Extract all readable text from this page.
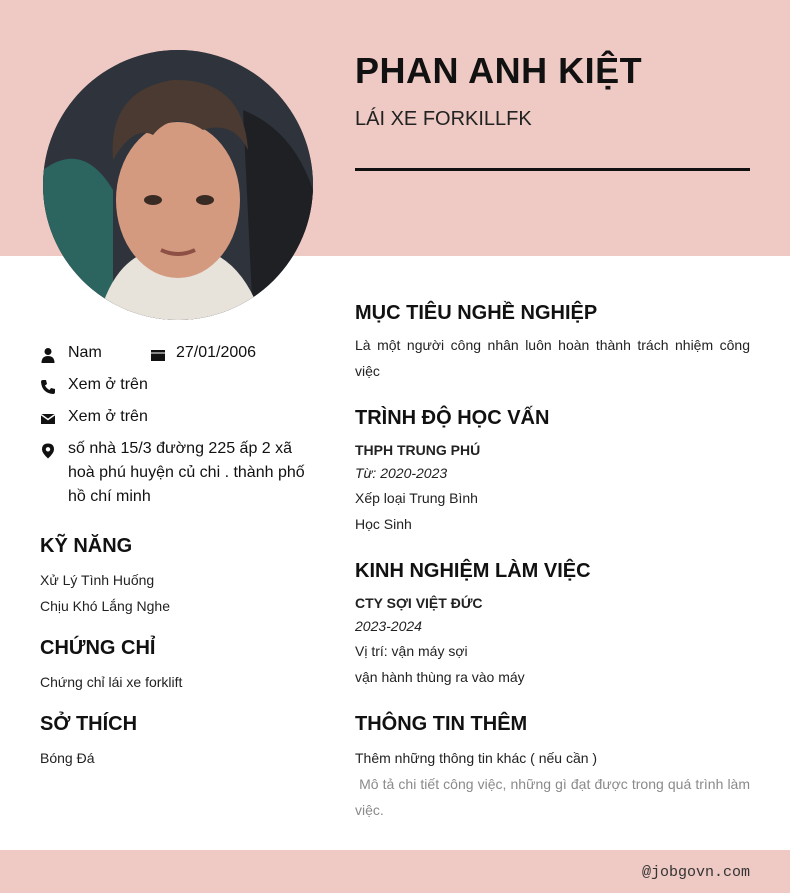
PHAN ANH KIỆT
LÁI XE FORKILLFK
Nam	27/01/2006
Xem ở trên
Xem ở trên
số nhà 15/3 đường 225 ấp 2 xã hoà phú huyện củ chi . thành phố hồ chí minh
KỸ NĂNG
Xử Lý Tình Huống
Chịu Khó Lắng Nghe
CHỨNG CHỈ
Chứng chỉ lái xe forklift
SỞ THÍCH
Bóng Đá
MỤC TIÊU NGHỀ NGHIỆP
Là một người công nhân luôn hoàn thành trách nhiệm công việc
TRÌNH ĐỘ HỌC VẤN
THPH TRUNG PHÚ
Từ: 2020-2023
Xếp loại Trung Bình
Học Sinh
KINH NGHIỆM LÀM VIỆC
CTY SỢI VIỆT ĐỨC
2023-2024
Vị trí: vận máy sợi
vận hành thùng ra vào máy
THÔNG TIN THÊM
Thêm những thông tin khác ( nếu cần )
Mô tả chi tiết công việc, những gì đạt được trong quá trình làm việc.
@jobgovn.com
